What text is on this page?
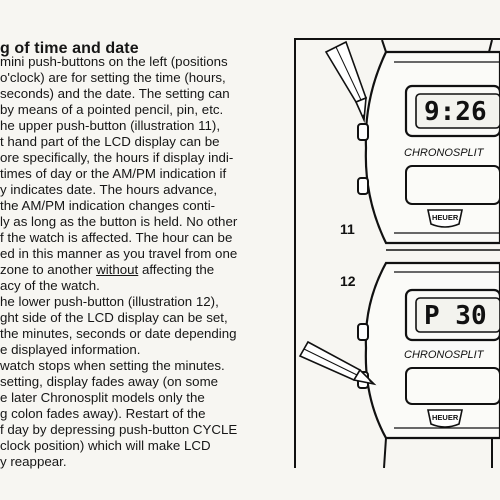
g of time and date
mini push-buttons on the left (positions
o'clock) are for setting the time (hours,
seconds) and the date. The setting can
by means of a pointed pencil, pin, etc.
he upper push-button (illustration 11),
t hand part of the LCD display can be
ore specifically, the hours if display indi-
times of day or the AM/PM indication if
y indicates date. The hours advance,
the AM/PM indication changes conti-
ly as long as the button is held. No other
f the watch is affected. The hour can be
ed in this manner as you travel from one
zone to another without affecting the
acy of the watch.
he lower push-button (illustration 12),
ght side of the LCD display can be set,
the minutes, seconds or date depending
e displayed information.
watch stops when setting the minutes.
setting, display fades away (on some
e later Chronosplit models only the
g colon fades away). Restart of the
f day by depressing push-button CYCLE
clock position) which will make LCD
y reappear.
9:26
CHRONOSPLIT
HEUER
11
P 30
CHRONOSPLIT
HEUER
12
